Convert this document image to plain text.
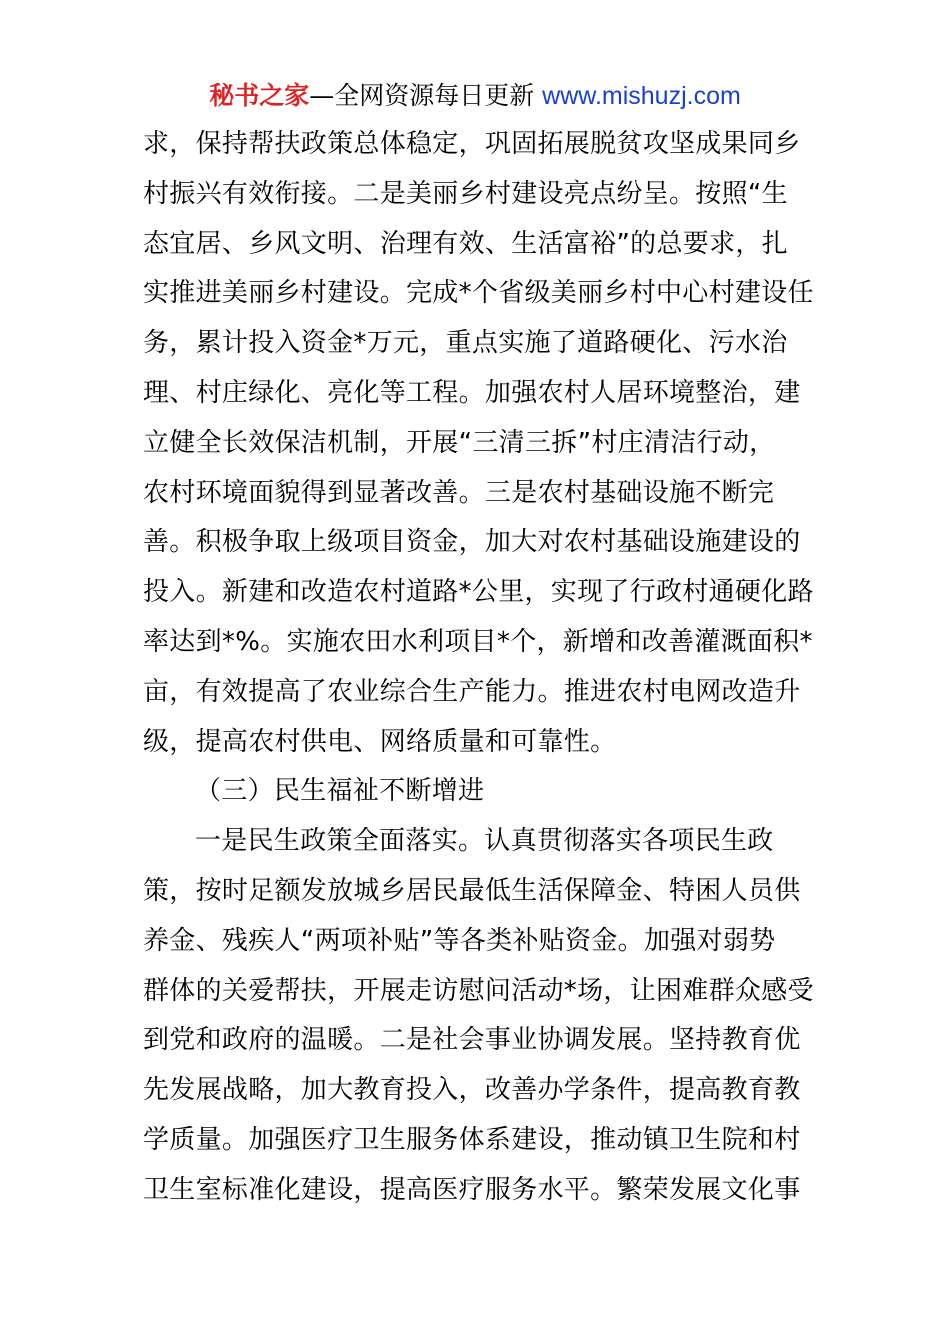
秘书之家—全网资源每日更新 www.mishuzj.com
求，保持帮扶政策总体稳定，巩固拓展脱贫攻坚成果同乡
村振兴有效衔接。二是美丽乡村建设亮点纷呈。按照“生
态宜居、乡风文明、治理有效、生活富裕”的总要求，扎
实推进美丽乡村建设。完成*个省级美丽乡村中心村建设任
务，累计投入资金*万元，重点实施了道路硬化、污水治
理、村庄绿化、亮化等工程。加强农村人居环境整治，建
立健全长效保洁机制，开展“三清三拆”村庄清洁行动，
农村环境面貌得到显著改善。三是农村基础设施不断完
善。积极争取上级项目资金，加大对农村基础设施建设的
投入。新建和改造农村道路*公里，实现了行政村通硬化路
率达到*%。实施农田水利项目*个，新增和改善灌溉面积*
亩，有效提高了农业综合生产能力。推进农村电网改造升
级，提高农村供电、网络质量和可靠性。
（三）民生福祉不断增进
一是民生政策全面落实。认真贯彻落实各项民生政
策，按时足额发放城乡居民最低生活保障金、特困人员供
养金、残疾人“两项补贴”等各类补贴资金。加强对弱势
群体的关爱帮扶，开展走访慰问活动*场，让困难群众感受
到党和政府的温暖。二是社会事业协调发展。坚持教育优
先发展战略，加大教育投入，改善办学条件，提高教育教
学质量。加强医疗卫生服务体系建设，推动镇卫生院和村
卫生室标准化建设，提高医疗服务水平。繁荣发展文化事
